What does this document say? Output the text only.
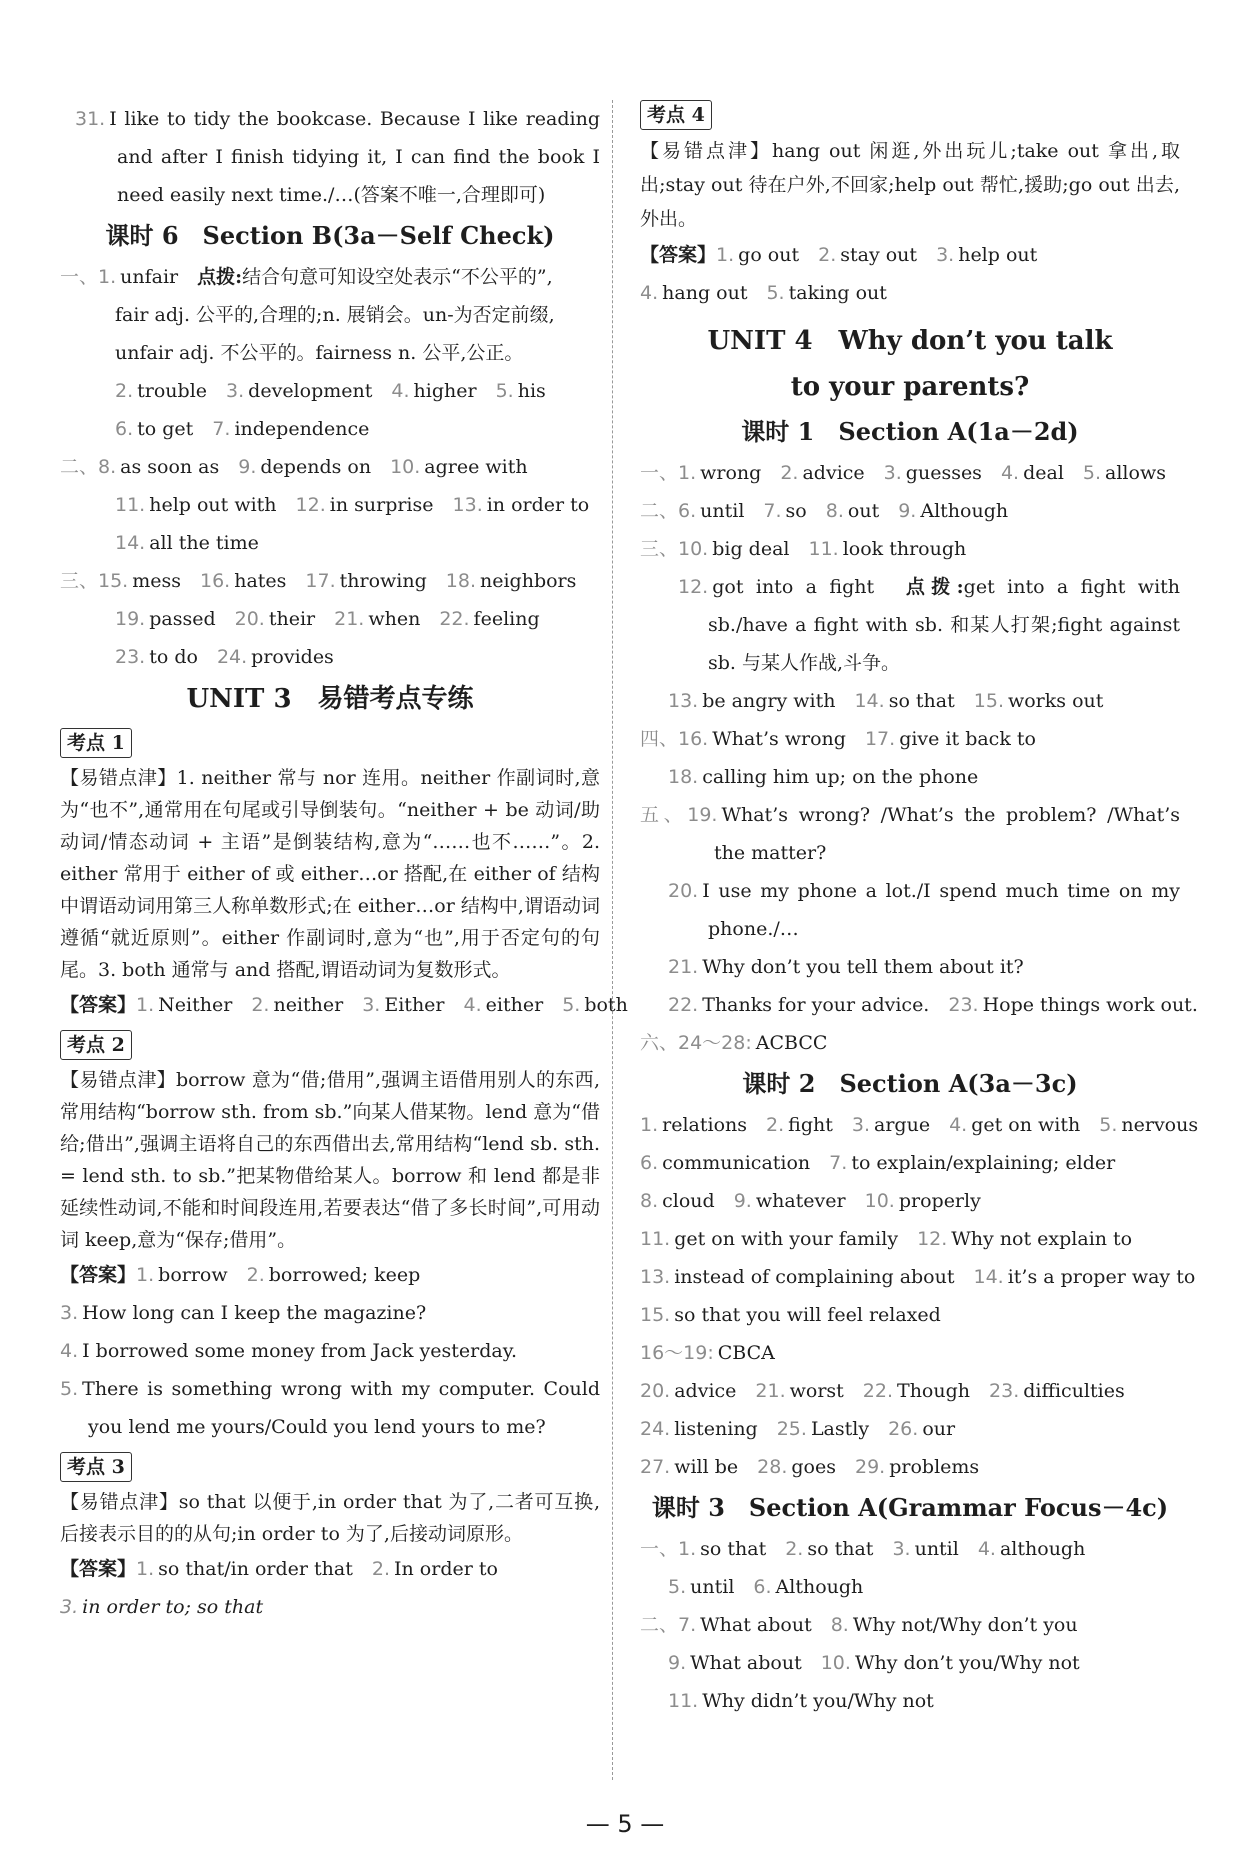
31. I like to tidy the bookcase. Because I like reading and after I finish tidying it, I can find the book I need easily next time./…(答案不唯一,合理即可)
课时 6　Section B(3a－Self Check)
一、1. unfair　点拨:结合句意可知设空处表示“不公平的”,
fair adj. 公平的,合理的;n. 展销会。un-为否定前缀,
unfair adj. 不公平的。fairness n. 公平,公正。
2. trouble  3. development  4. higher  5. his
6. to get  7. independence
二、8. as soon as  9. depends on  10. agree with
11. help out with  12. in surprise  13. in order to
14. all the time
三、15. mess  16. hates  17. throwing  18. neighbors
19. passed  20. their  21. when  22. feeling
23. to do  24. provides
UNIT 3　易错考点专练
考点 1
【易错点津】1. neither 常与 nor 连用。neither 作副词时,意为“也不”,通常用在句尾或引导倒装句。“neither + be 动词/助动词/情态动词 + 主语”是倒装结构,意为“……也不……”。2. either 常用于 either of 或 either…or 搭配,在 either of 结构中谓语动词用第三人称单数形式;在 either…or 结构中,谓语动词遵循“就近原则”。either 作副词时,意为“也”,用于否定句的句尾。3. both 通常与 and 搭配,谓语动词为复数形式。
【答案】1. Neither  2. neither  3. Either  4. either  5. both
考点 2
【易错点津】borrow 意为“借;借用”,强调主语借用别人的东西,常用结构“borrow sth. from sb.”向某人借某物。lend 意为“借给;借出”,强调主语将自己的东西借出去,常用结构“lend sb. sth. = lend sth. to sb.”把某物借给某人。borrow 和 lend 都是非延续性动词,不能和时间段连用,若要表达“借了多长时间”,可用动词 keep,意为“保存;借用”。
【答案】1. borrow  2. borrowed; keep
3. How long can I keep the magazine?
4. I borrowed some money from Jack yesterday.
5. There is something wrong with my computer. Could you lend me yours/Could you lend yours to me?
考点 3
【易错点津】so that 以便于,in order that 为了,二者可互换,后接表示目的的从句;in order to 为了,后接动词原形。
【答案】1. so that/in order that  2. In order to
3. in order to; so that
考点 4
【易错点津】hang out 闲逛,外出玩儿;take out 拿出,取出;stay out 待在户外,不回家;help out 帮忙,援助;go out 出去,外出。
【答案】1. go out  2. stay out  3. help out
4. hang out  5. taking out
UNIT 4　Why don’t you talk
to your parents?
课时 1　Section A(1a－2d)
一、1. wrong  2. advice  3. guesses  4. deal  5. allows
二、6. until  7. so  8. out  9. Although
三、10. big deal  11. look through
12. got into a fight　点拨:get into a fight with sb./have a fight with sb. 和某人打架;fight against sb. 与某人作战,斗争。
13. be angry with  14. so that  15. works out
四、16. What’s wrong  17. give it back to
18. calling him up; on the phone
五、19. What’s wrong? /What’s the problem? /What’s the matter?
20. I use my phone a lot./I spend much time on my phone./…
21. Why don’t you tell them about it?
22. Thanks for your advice.  23. Hope things work out.
六、24～28: ACBCC
课时 2　Section A(3a－3c)
1. relations  2. fight  3. argue  4. get on with  5. nervous
6. communication  7. to explain/explaining; elder
8. cloud  9. whatever  10. properly
11. get on with your family  12. Why not explain to
13. instead of complaining about  14. it’s a proper way to
15. so that you will feel relaxed
16～19: CBCA
20. advice  21. worst  22. Though  23. difficulties
24. listening  25. Lastly  26. our
27. will be  28. goes  29. problems
课时 3　Section A(Grammar Focus－4c)
一、1. so that  2. so that  3. until  4. although
5. until  6. Although
二、7. What about  8. Why not/Why don’t you
9. What about  10. Why don’t you/Why not
11. Why didn’t you/Why not
— 5 —
